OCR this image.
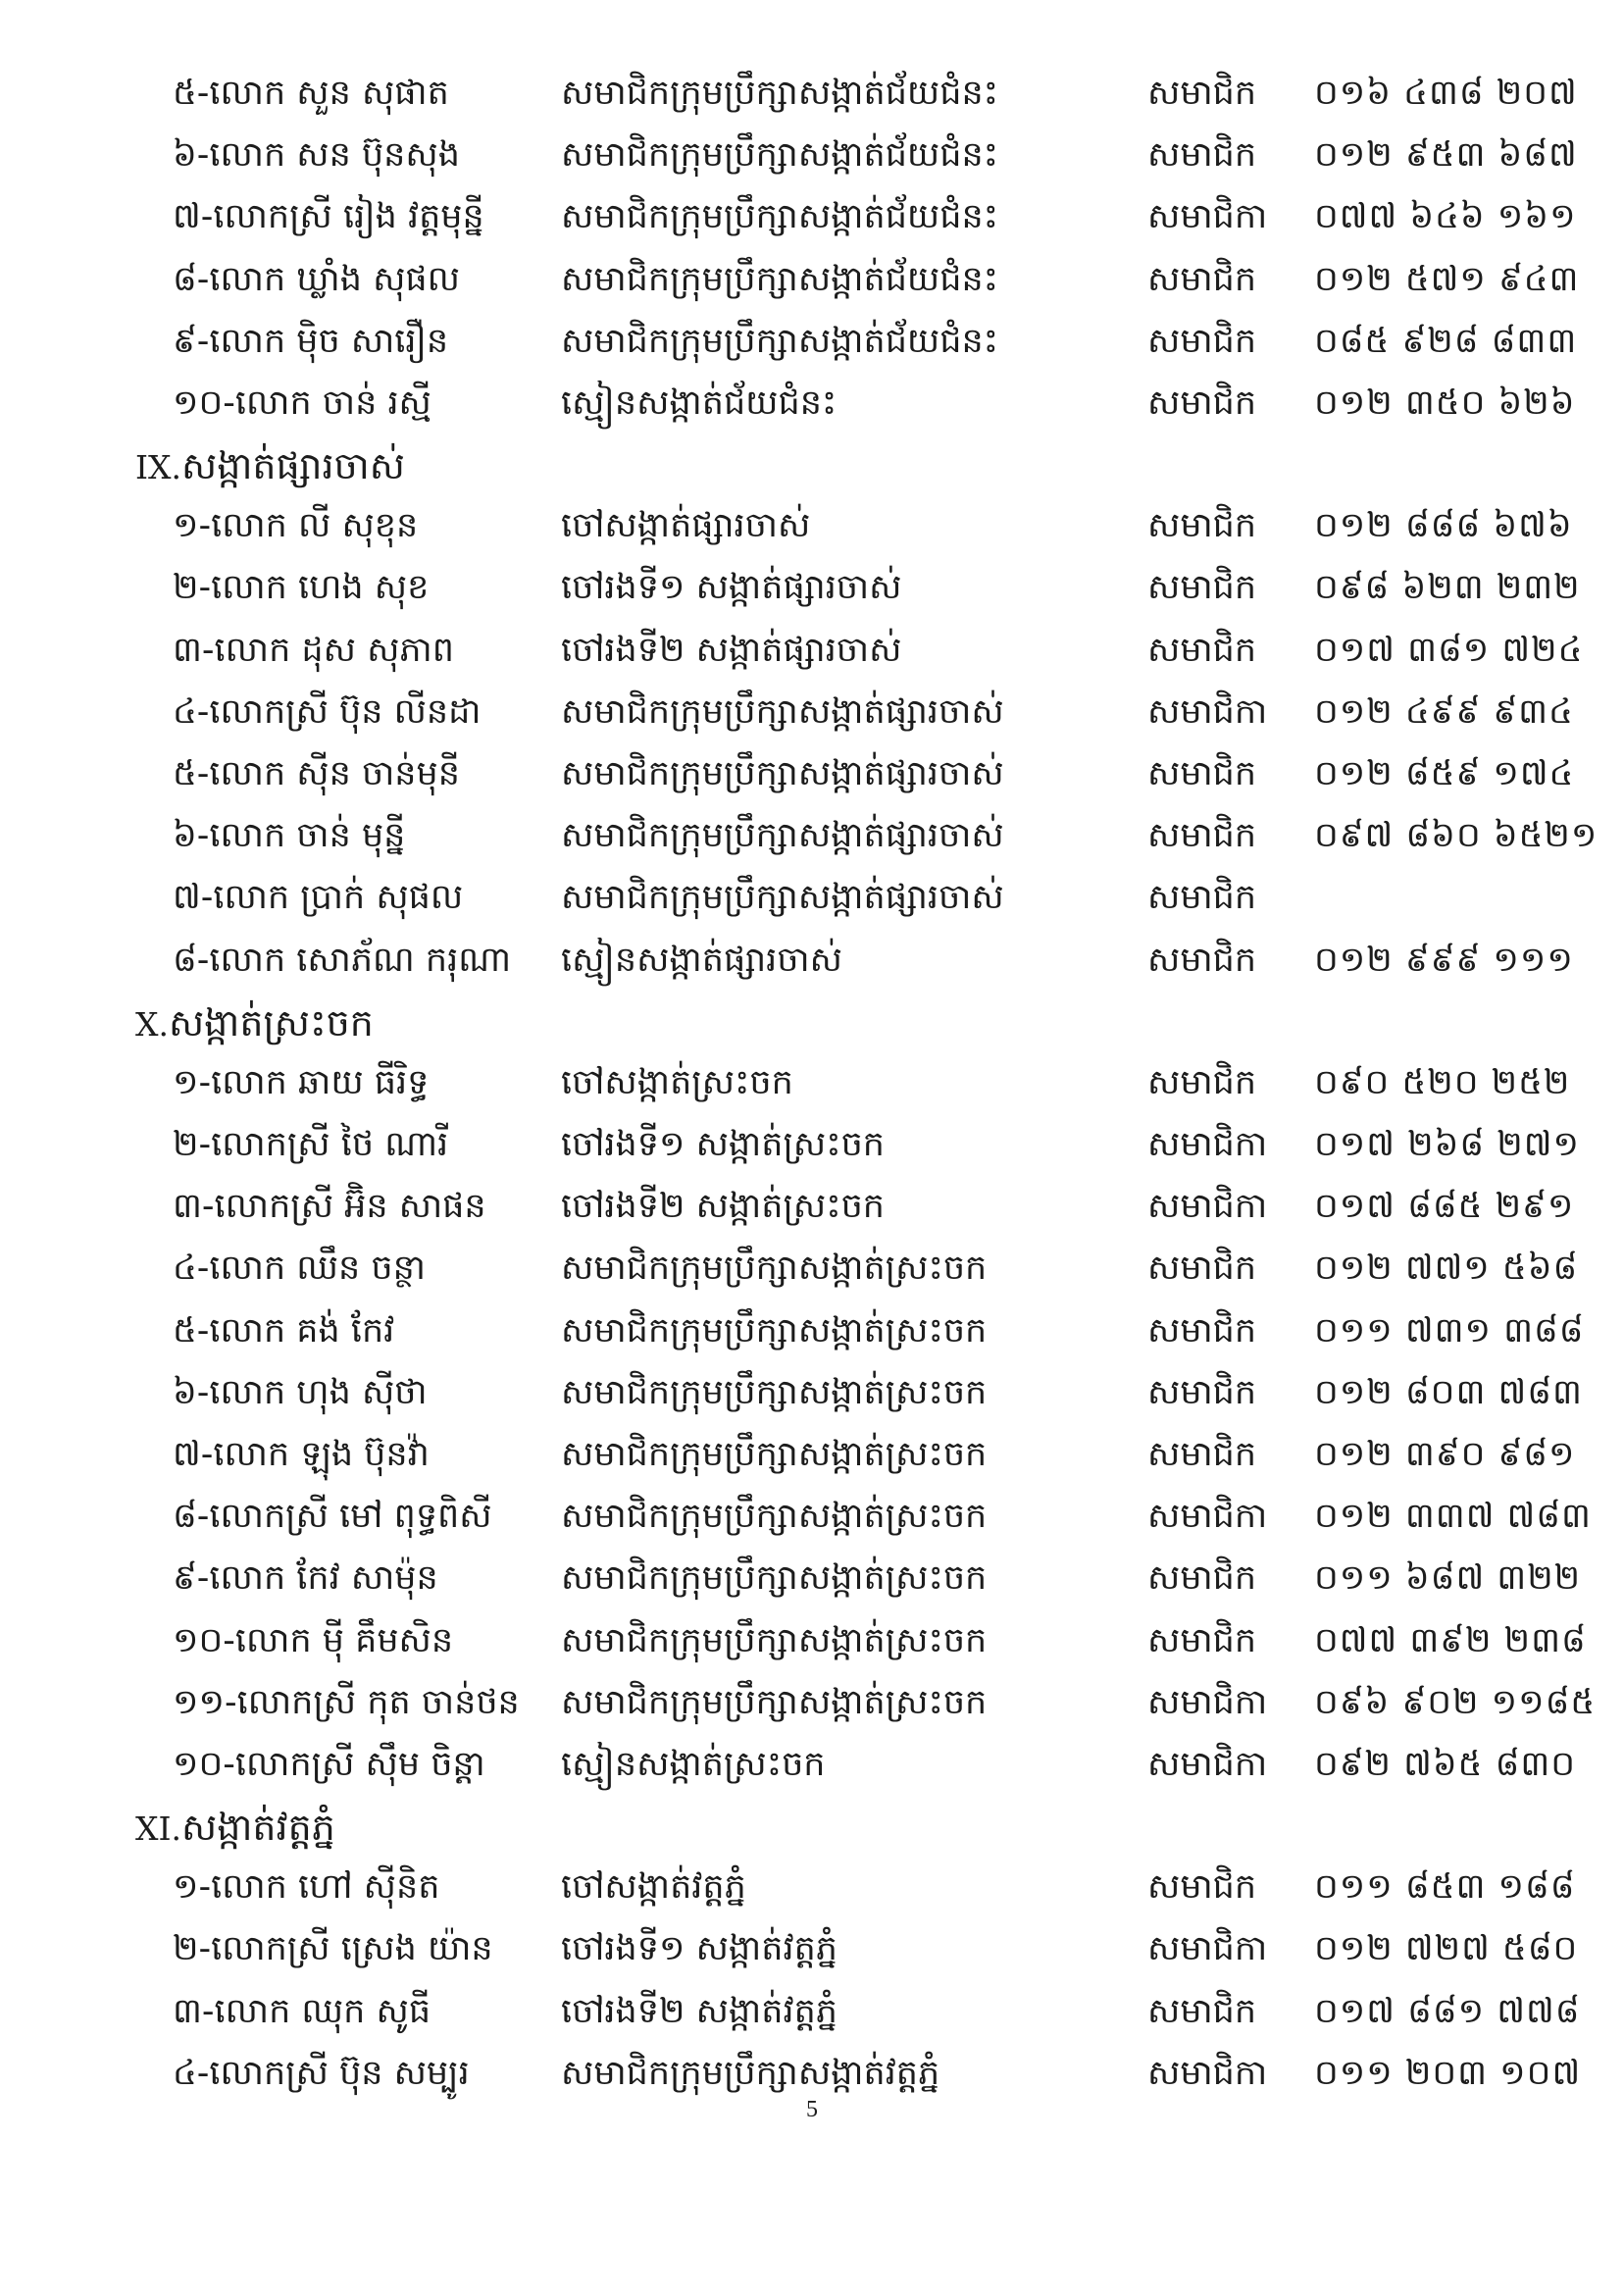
៥-លោក សួន សុផាត	សមាជិកក្រុមប្រឹក្សាសង្កាត់ជ័យជំនះ	សមាជិក	០១៦ ៤៣៨ ២០៧
៦-លោក សន ប៊ុនសុង	សមាជិកក្រុមប្រឹក្សាសង្កាត់ជ័យជំនះ	សមាជិក	០១២ ៩៥៣ ៦៨៧
៧-លោកស្រី រៀង វត្តមុន្នី	សមាជិកក្រុមប្រឹក្សាសង្កាត់ជ័យជំនះ	សមាជិកា	០៧៧ ៦៤៦ ១៦១
៨-លោក ឃ្លាំង សុផល	សមាជិកក្រុមប្រឹក្សាសង្កាត់ជ័យជំនះ	សមាជិក	០១២ ៥៧១ ៩៤៣
៩-លោក ម៉ិច សារឿន	សមាជិកក្រុមប្រឹក្សាសង្កាត់ជ័យជំនះ	សមាជិក	០៨៥ ៩២៨ ៨៣៣
១០-លោក ចាន់ រស្មី	ស្មៀនសង្កាត់ជ័យជំនះ	សមាជិក	០១២ ៣៥០ ៦២៦
IX.សង្កាត់ផ្សារចាស់
១-លោក លី សុខុន	ចៅសង្កាត់ផ្សារចាស់	សមាជិក	០១២ ៨៨៨ ៦៧៦
២-លោក ហេង សុខ	ចៅរងទី១ សង្កាត់ផ្សារចាស់	សមាជិក	០៩៨ ៦២៣ ២៣២
៣-លោក ដុស សុភាព	ចៅរងទី២ សង្កាត់ផ្សារចាស់	សមាជិក	០១៧ ៣៨១ ៧២៤
៤-លោកស្រី ប៊ុន លីនដា	សមាជិកក្រុមប្រឹក្សាសង្កាត់ផ្សារចាស់	សមាជិកា	០១២ ៤៩៩ ៩៣៤
៥-លោក ស៊ីន ចាន់មុនី	សមាជិកក្រុមប្រឹក្សាសង្កាត់ផ្សារចាស់	សមាជិក	០១២ ៨៥៩ ១៧៤
៦-លោក ចាន់ មុន្នី	សមាជិកក្រុមប្រឹក្សាសង្កាត់ផ្សារចាស់	សមាជិក	០៩៧ ៨៦០ ៦៥២១
៧-លោក ប្រាក់ សុផល	សមាជិកក្រុមប្រឹក្សាសង្កាត់ផ្សារចាស់	សមាជិក
៨-លោក សោភ័ណ ករុណា	ស្មៀនសង្កាត់ផ្សារចាស់	សមាជិក	០១២ ៩៩៩ ១១១
X.សង្កាត់ស្រះចក
១-លោក ឆាយ ធីរិទ្ធ	ចៅសង្កាត់ស្រះចក	សមាជិក	០៩០ ៥២០ ២៥២
២-លោកស្រី ថៃ ណារី	ចៅរងទី១ សង្កាត់ស្រះចក	សមាជិកា	០១៧ ២៦៨ ២៧១
៣-លោកស្រី អ៊ិន សាផន	ចៅរងទី២ សង្កាត់ស្រះចក	សមាជិកា	០១៧ ៨៨៥ ២៩១
៤-លោក ឈឹន ចន្ថា	សមាជិកក្រុមប្រឹក្សាសង្កាត់ស្រះចក	សមាជិក	០១២ ៧៧១ ៥៦៨
៥-លោក គង់ កែវ	សមាជិកក្រុមប្រឹក្សាសង្កាត់ស្រះចក	សមាជិក	០១១ ៧៣១ ៣៨៨
៦-លោក ហុង ស៊ីថា	សមាជិកក្រុមប្រឹក្សាសង្កាត់ស្រះចក	សមាជិក	០១២ ៨០៣ ៧៨៣
៧-លោក ឡុង ប៊ុនវ៉ា	សមាជិកក្រុមប្រឹក្សាសង្កាត់ស្រះចក	សមាជិក	០១២ ៣៩០ ៩៨១
៨-លោកស្រី មៅ ពុទ្ធពិសី	សមាជិកក្រុមប្រឹក្សាសង្កាត់ស្រះចក	សមាជិកា	០១២ ៣៣៧ ៧៨៣
៩-លោក កែវ សាម៉ុន	សមាជិកក្រុមប្រឹក្សាសង្កាត់ស្រះចក	សមាជិក	០១១ ៦៨៧ ៣២២
១០-លោក ម៉ី គឹមសិន	សមាជិកក្រុមប្រឹក្សាសង្កាត់ស្រះចក	សមាជិក	០៧៧ ៣៩២ ២៣៨
១១-លោកស្រី កុត ចាន់ថន	សមាជិកក្រុមប្រឹក្សាសង្កាត់ស្រះចក	សមាជិកា	០៩៦ ៩០២ ១១៨៥
១០-លោកស្រី ស៊ឹម ចិន្តា	ស្មៀនសង្កាត់ស្រះចក	សមាជិកា	០៩២ ៧៦៥ ៨៣០
XI.សង្កាត់វត្តភ្នំ
១-លោក ហៅ ស៊ីនិត	ចៅសង្កាត់វត្តភ្នំ	សមាជិក	០១១ ៨៥៣ ១៨៨
២-លោកស្រី ស្រេង យ៉ាន	ចៅរងទី១ សង្កាត់វត្តភ្នំ	សមាជិកា	០១២ ៧២៧ ៥៨០
៣-លោក ឈុក សូធី	ចៅរងទី២ សង្កាត់វត្តភ្នំ	សមាជិក	០១៧ ៨៨១ ៧៧៨
៤-លោកស្រី ប៊ុន សម្បូរ	សមាជិកក្រុមប្រឹក្សាសង្កាត់វត្តភ្នំ	សមាជិកា	០១១ ២០៣ ១០៧
5
